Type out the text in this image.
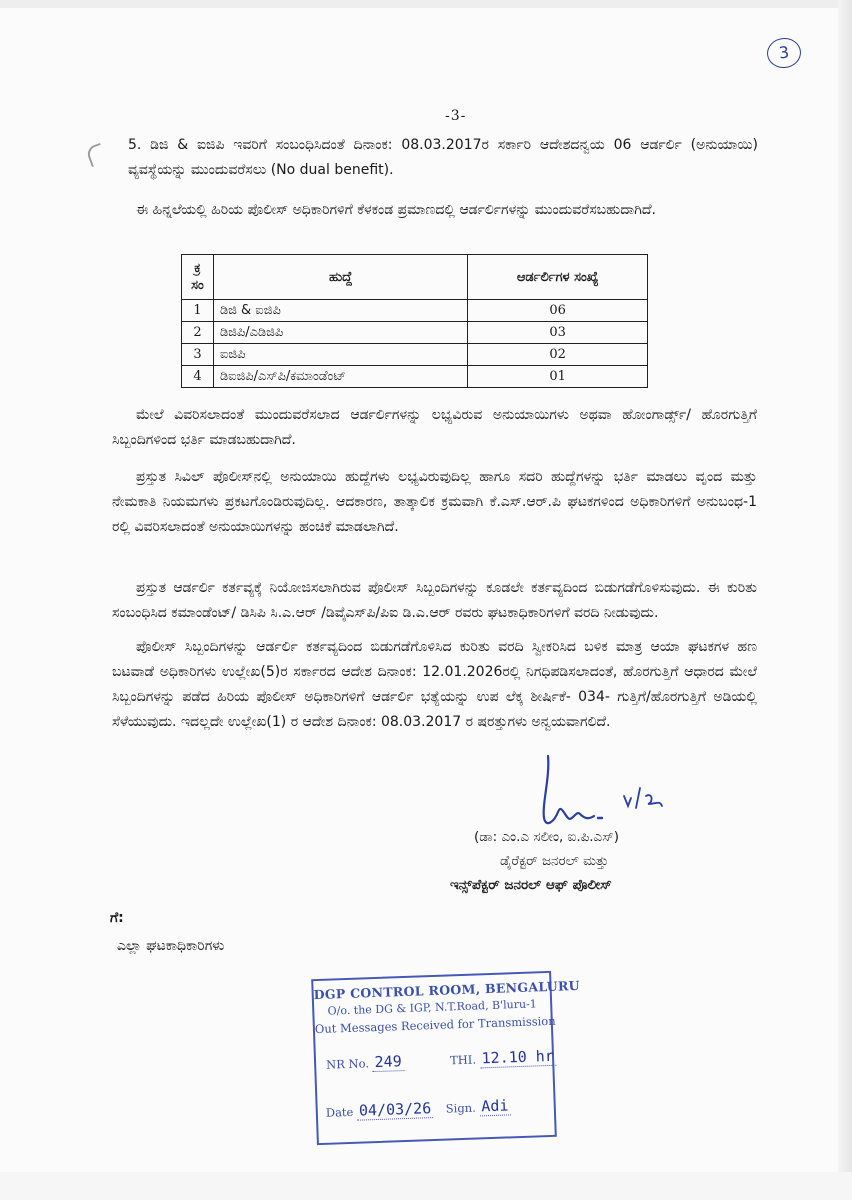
3
-3-

5. ಡಿಜಿ & ಐಜಿಪಿ ಇವರಿಗೆ ಸಂಬಂಧಿಸಿದಂತೆ ದಿನಾಂಕ: 08.03.2017ರ ಸರ್ಕಾರಿ ಆದೇಶದನ್ವಯ 06 ಆರ್ಡರ್ಲಿ (ಅನುಯಾಯಿ) ವ್ಯವಸ್ಥೆಯನ್ನು ಮುಂದುವರೆಸಲು (No dual benefit).

ಈ ಹಿನ್ನಲೆಯಲ್ಲಿ ಹಿರಿಯ ಪೊಲೀಸ್ ಅಧಿಕಾರಿಗಳಿಗೆ ಕೆಳಕಂಡ ಪ್ರಮಾಣದಲ್ಲಿ ಆರ್ಡರ್ಲಿಗಳನ್ನು ಮುಂದುವರೆಸಬಹುದಾಗಿದೆ.

ಕ್ರ ಸಂ	ಹುದ್ದೆ	ಆರ್ಡರ್ಲಿಗಳ ಸಂಖ್ಯೆ
1	ಡಿಜಿ & ಐಜಿಪಿ	06
2	ಡಿಜಿಪಿ/ಎಡಿಜಿಪಿ	03
3	ಐಜಿಪಿ	02
4	ಡಿಐಜಿಪಿ/ಎಸ್‌ಪಿ/ಕಮಾಂಡೆಂಟ್	01

ಮೇಲೆ ವಿವರಿಸಲಾದಂತೆ ಮುಂದುವರೆಸಲಾದ ಆರ್ಡರ್ಲಿಗಳನ್ನು ಲಭ್ಯವಿರುವ ಅನುಯಾಯಿಗಳು ಅಥವಾ ಹೋಂಗಾರ್ಡ್ಸ್/ ಹೊರಗುತ್ತಿಗೆ ಸಿಬ್ಬಂದಿಗಳಿಂದ ಭರ್ತಿ ಮಾಡಬಹುದಾಗಿದೆ.

ಪ್ರಸ್ತುತ ಸಿವಿಲ್ ಪೊಲೀಸ್‌ನಲ್ಲಿ ಅನುಯಾಯಿ ಹುದ್ದೆಗಳು ಲಭ್ಯವಿರುವುದಿಲ್ಲ ಹಾಗೂ ಸದರಿ ಹುದ್ದೆಗಳನ್ನು ಭರ್ತಿ ಮಾಡಲು ವೃಂದ ಮತ್ತು ನೇಮಕಾತಿ ನಿಯಮಗಳು ಪ್ರಕಟಗೊಂಡಿರುವುದಿಲ್ಲ. ಆದಕಾರಣ, ತಾತ್ಕಾಲಿಕ ಕ್ರಮವಾಗಿ ಕೆ.ಎಸ್.ಆರ್.ಪಿ ಘಟಕಗಳಿಂದ ಅಧಿಕಾರಿಗಳಿಗೆ ಅನುಬಂಧ-1 ರಲ್ಲಿ ವಿವರಿಸಲಾದಂತೆ ಅನುಯಾಯಿಗಳನ್ನು ಹಂಚಿಕೆ ಮಾಡಲಾಗಿದೆ.

ಪ್ರಸ್ತುತ ಆರ್ಡರ್ಲಿ ಕರ್ತವ್ಯಕ್ಕೆ ನಿಯೋಜಿಸಲಾಗಿರುವ ಪೊಲೀಸ್ ಸಿಬ್ಬಂದಿಗಳನ್ನು ಕೂಡಲೇ ಕರ್ತವ್ಯದಿಂದ ಬಿಡುಗಡೆಗೊಳಿಸುವುದು. ಈ ಕುರಿತು ಸಂಬಂಧಿಸಿದ ಕಮಾಂಡೆಂಟ್/ ಡಿಸಿಪಿ ಸಿ.ಎ.ಆರ್ /ಡಿವೈಎಸ್‌ಪಿ/ಪಿಐ ಡಿ.ಎ.ಆರ್ ರವರು ಘಟಕಾಧಿಕಾರಿಗಳಿಗೆ ವರದಿ ನೀಡುವುದು.

ಪೊಲೀಸ್ ಸಿಬ್ಬಂದಿಗಳನ್ನು ಆರ್ಡರ್ಲಿ ಕರ್ತವ್ಯದಿಂದ ಬಿಡುಗಡೆಗೊಳಿಸಿದ ಕುರಿತು ವರದಿ ಸ್ವೀಕರಿಸಿದ ಬಳಿಕ ಮಾತ್ರ ಆಯಾ ಘಟಕಗಳ ಹಣ ಬಟವಾಡೆ ಅಧಿಕಾರಿಗಳು ಉಲ್ಲೇಖ(5)ರ ಸರ್ಕಾರದ ಆದೇಶ ದಿನಾಂಕ: 12.01.2026ರಲ್ಲಿ ನಿಗಧಿಪಡಿಸಲಾದಂತೆ, ಹೊರಗುತ್ತಿಗೆ ಆಧಾರದ ಮೇಲೆ ಸಿಬ್ಬಂದಿಗಳನ್ನು ಪಡೆದ ಹಿರಿಯ ಪೊಲೀಸ್ ಅಧಿಕಾರಿಗಳಿಗೆ ಆರ್ಡರ್ಲಿ ಭತ್ಯೆಯನ್ನು ಉಪ ಲೆಕ್ಕ ಶೀರ್ಷಿಕೆ- 034- ಗುತ್ತಿಗೆ/ಹೊರಗುತ್ತಿಗೆ ಅಡಿಯಲ್ಲಿ ಸೆಳೆಯುವುದು. ಇದಲ್ಲದೇ ಉಲ್ಲೇಖ(1) ರ ಆದೇಶ ದಿನಾಂಕ: 08.03.2017 ರ ಷರತ್ತುಗಳು ಅನ್ವಯವಾಗಲಿದೆ.

(ಡಾ: ಎಂ.ಎ ಸಲೀಂ, ಐ.ಪಿ.ಎಸ್)
ಡೈರೆಕ್ಟರ್ ಜನರಲ್ ಮತ್ತು
ಇನ್ಸ್‌ಪೆಕ್ಟರ್ ಜನರಲ್ ಆಫ್ ಪೊಲೀಸ್
ಗೆ:
ಎಲ್ಲಾ ಘಟಕಾಧಿಕಾರಿಗಳು
DGP CONTROL ROOM, BENGALURU
O/o. the DG & IGP, N.T.Road, B'luru-1
Out Messages Received for Transmission
NR No. 249	THI. 12.10 hr
Date 04/03/26 Sign. Adi
